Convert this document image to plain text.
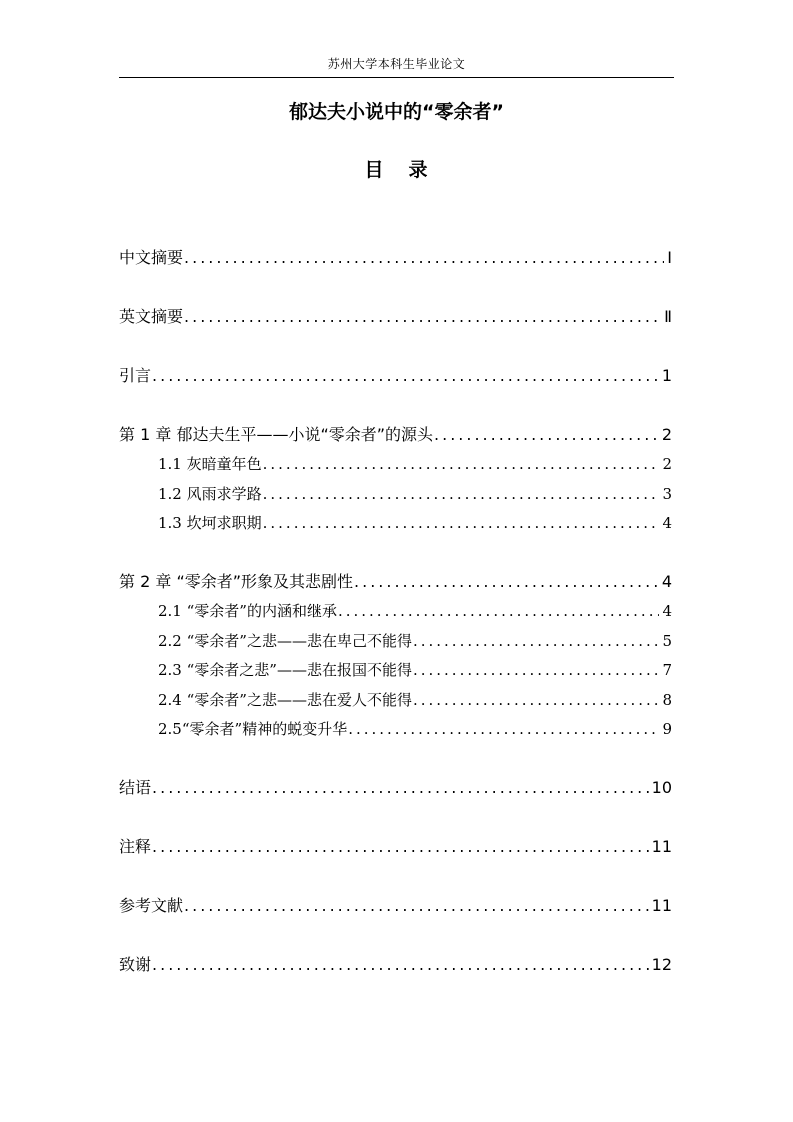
苏州大学本科生毕业论文
郁达夫小说中的“零余者”
目 录
中文摘要 .....	Ⅰ
英文摘要 .....	Ⅱ
引言 .....	1
第 1 章 郁达夫生平——小说“零余者”的源头 .....	2
1.1 灰暗童年色 .....	2
1.2 风雨求学路 .....	3
1.3 坎坷求职期 .....	4
第 2 章 “零余者”形象及其悲剧性 .....	4
2.1 “零余者”的内涵和继承 .....	4
2.2 “零余者”之悲——悲在卑己不能得 .....	5
2.3 “零余者之悲”——悲在报国不能得 .....	7
2.4 “零余者”之悲——悲在爱人不能得 .....	8
2.5“零余者”精神的蜕变升华 .....	9
结语 .....	10
注释 .....	11
参考文献 .....	11
致谢 .....	12
